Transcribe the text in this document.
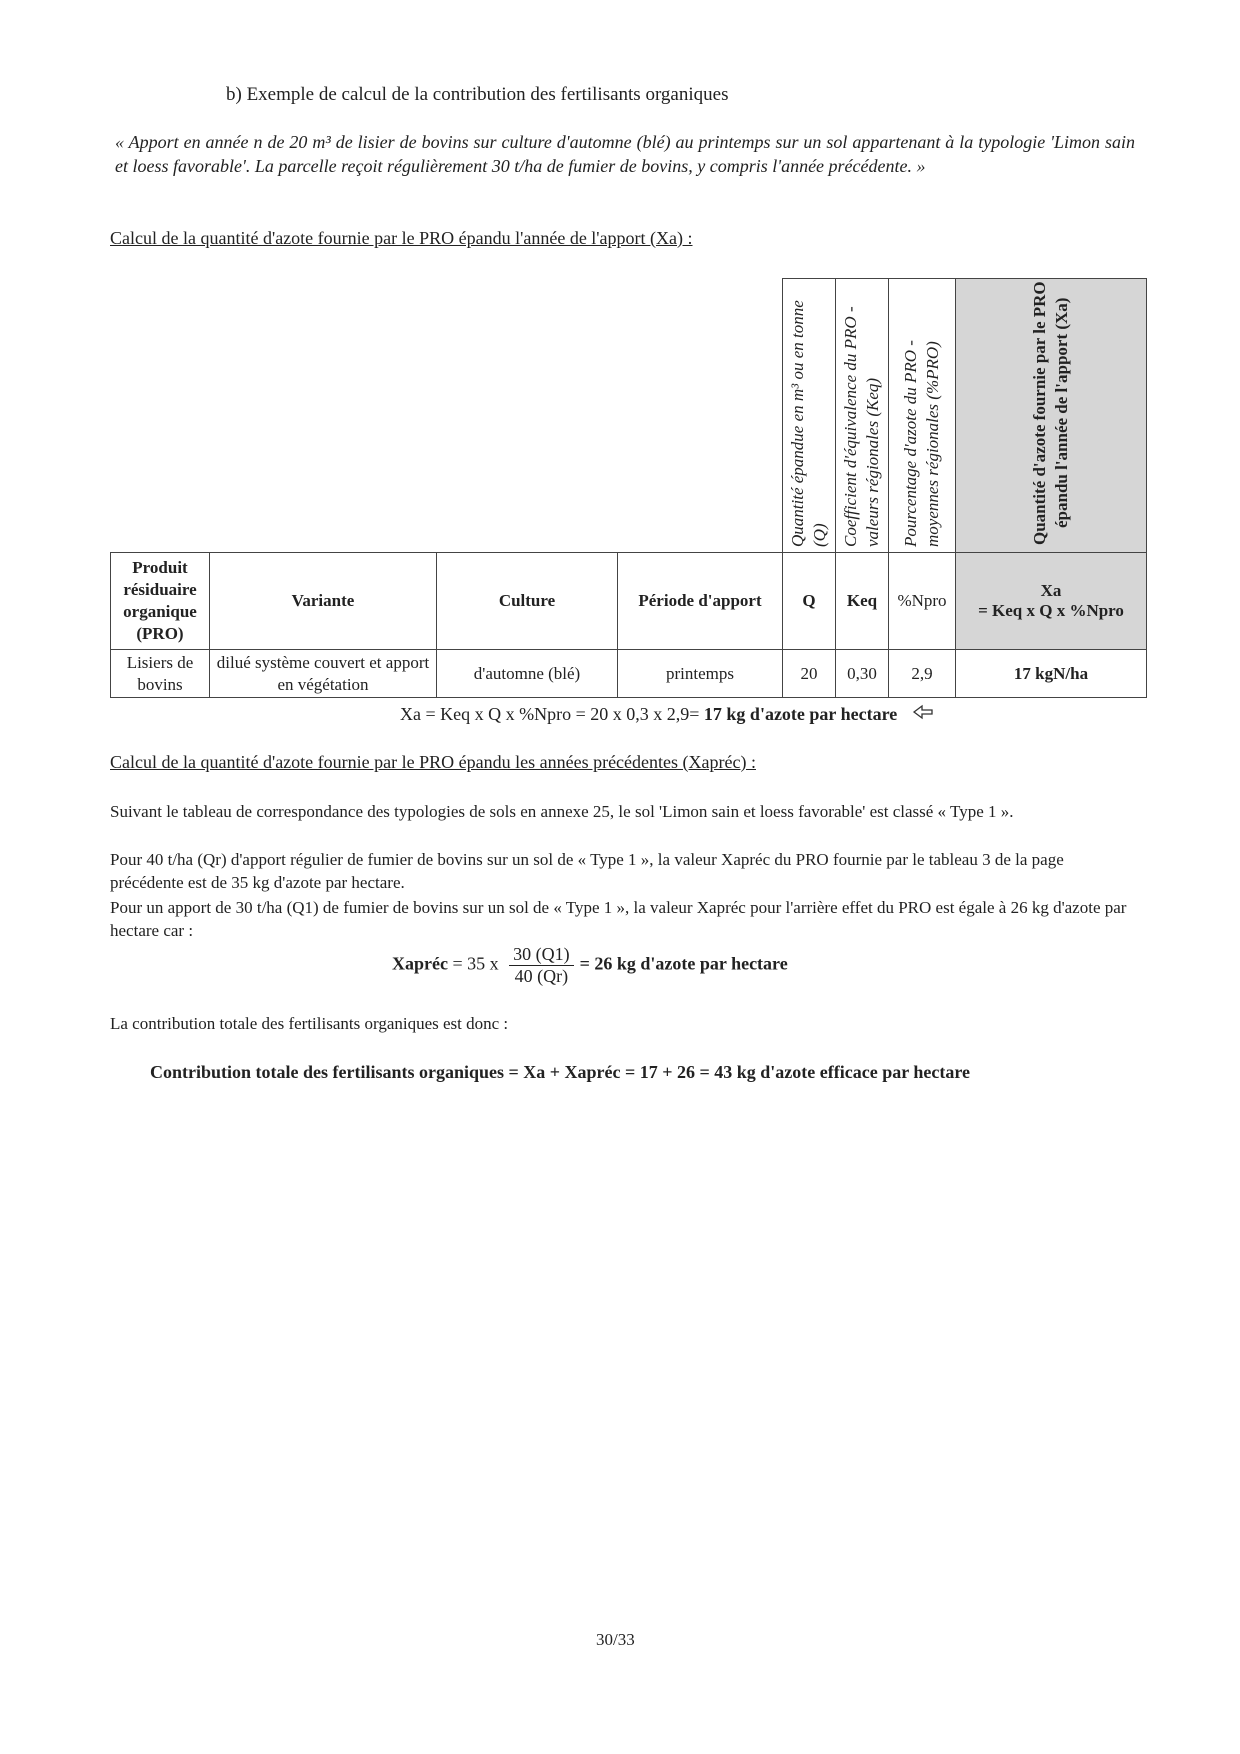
b) Exemple de calcul de la contribution des fertilisants organiques
« Apport en année n de 20 m³ de lisier de bovins sur culture d'automne (blé) au printemps sur un sol appartenant à la typologie 'Limon sain et loess favorable'. La parcelle reçoit régulièrement 30 t/ha de fumier de bovins, y compris l'année précédente. »
Calcul de la quantité d'azote fournie par le PRO épandu l'année de l'apport (Xa) :
				Quantité épandue en m³ ou en tonne (Q)	Coefficient d'équivalence du PRO - valeurs régionales (Keq)	Pourcentage d'azote du PRO - moyennes régionales (%PRO)	Quantité d'azote fournie par le PRO épandu l'année de l'apport (Xa)
Produit résiduaire organique (PRO)	Variante	Culture	Période d'apport	Q	Keq	%Npro	Xa
= Keq x Q x %Npro

Lisiers de bovins	dilué système couvert et apport en végétation	d'automne (blé)	printemps	20	0,30	2,9	17 kgN/ha
Xa = Keq x Q x %Npro = 20 x 0,3 x 2,9= 17 kg d'azote par hectare
Calcul de la quantité d'azote fournie par le PRO épandu les années précédentes (Xapréc) :
Suivant le tableau de correspondance des typologies de sols en annexe 25, le sol 'Limon sain et loess favorable' est classé « Type 1 ».
Pour 40 t/ha (Qr) d'apport régulier de fumier de bovins sur un sol de « Type 1 », la valeur Xapréc du PRO fournie par le tableau 3 de la page précédente est de 35 kg d'azote par hectare.
Pour un apport de 30 t/ha (Q1) de fumier de bovins sur un sol de « Type 1 », la valeur Xapréc pour l'arrière effet du PRO est égale à 26 kg d'azote par hectare car :
Xapréc = 35 x $\frac{30 (Q1)}{40 (Qr)} = 26$ kg d'azote par hectare
La contribution totale des fertilisants organiques est donc :
Contribution totale des fertilisants organiques = Xa + Xapréc = 17 + 26 = 43 kg d'azote efficace par hectare
30/33
